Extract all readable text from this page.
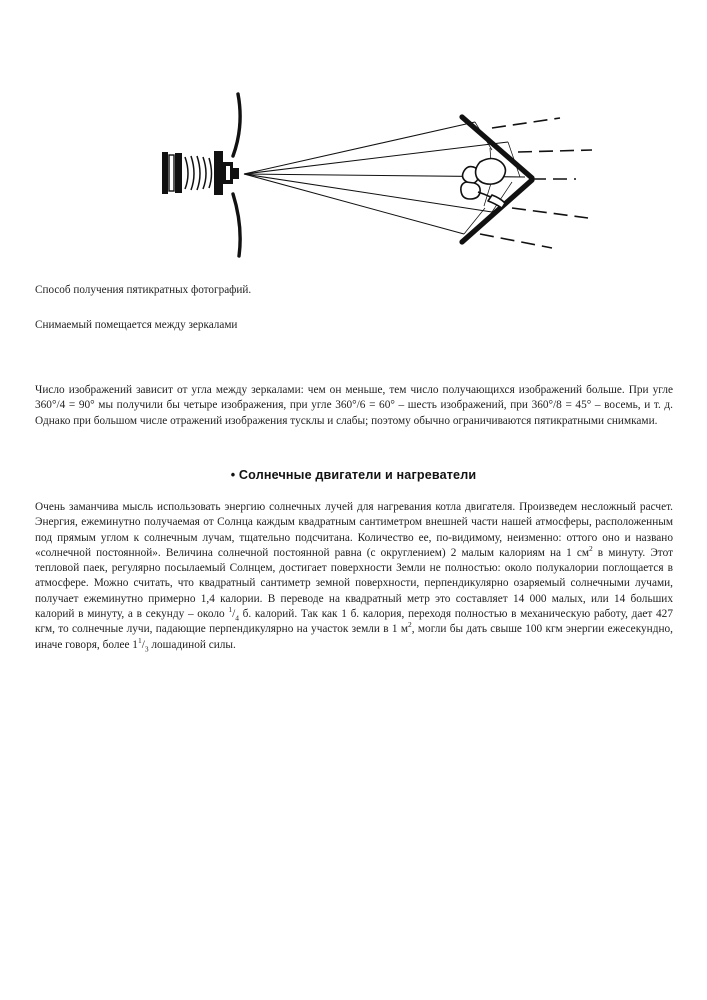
Способ получения пятикратных фотографий.
Снимаемый помещается между зеркалами
Число изображений зависит от угла между зеркалами: чем он меньше, тем число получающихся изображений больше. При угле 360°/4 = 90° мы получили бы четыре изображения, при угле 360°/6 = 60° – шесть изображений, при 360°/8 = 45° – восемь, и т. д. Однако при большом числе отражений изображения тусклы и слабы; поэтому обычно ограничиваются пятикратными снимками.
• Солнечные двигатели и нагреватели
Очень заманчива мысль использовать энергию солнечных лучей для нагревания котла двигателя. Произведем несложный расчет. Энергия, ежеминутно получаемая от Солнца каждым квадратным сантиметром внешней части нашей атмосферы, расположенным под прямым углом к солнечным лучам, тщательно подсчитана. Количество ее, по-видимому, неизменно: оттого оно и названо «солнечной постоянной». Величина солнечной постоянной равна (с округлением) 2 малым калориям на 1 $см^2$ в минуту. Этот тепловой паек, регулярно посылаемый Солнцем, достигает поверхности Земли не полностью: около полукалории поглощается в атмосфере. Можно считать, что квадратный сантиметр земной поверхности, перпендикулярно озаряемый солнечными лучами, получает ежеминутно примерно 1,4 калории. В переводе на квадратный метр это составляет 14 000 малых, или 14 больших калорий в минуту, а в секунду – около $^1/_4$ б. калорий. Так как 1 б. калория, переходя полностью в механическую работу, дает 427 кгм, то солнечные лучи, падающие перпендикулярно на участок земли в 1 $м^2$, могли бы дать свыше 100 кгм энергии ежесекундно, иначе говоря, более $1^1/_3$ лошадиной силы.
